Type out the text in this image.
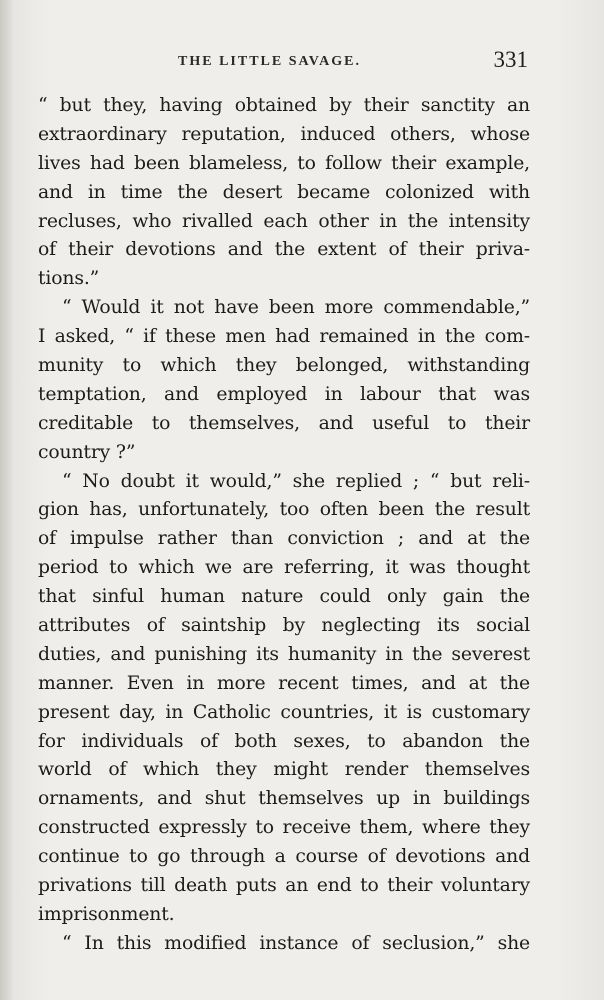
THE LITTLE SAVAGE.	331
“ but they, having obtained by their sanctity an
extraordinary reputation, induced others, whose
lives had been blameless, to follow their example,
and in time the desert became colonized with
recluses, who rivalled each other in the intensity
of their devotions and the extent of their priva-
tions.”
“ Would it not have been more commendable,”
I asked, “ if these men had remained in the com-
munity to which they belonged, withstanding
temptation, and employed in labour that was
creditable to themselves, and useful to their
country ?”
“ No doubt it would,” she replied ; “ but reli-
gion has, unfortunately, too often been the result
of impulse rather than conviction ; and at the
period to which we are referring, it was thought
that sinful human nature could only gain the
attributes of saintship by neglecting its social
duties, and punishing its humanity in the severest
manner. Even in more recent times, and at the
present day, in Catholic countries, it is customary
for individuals of both sexes, to abandon the
world of which they might render themselves
ornaments, and shut themselves up in buildings
constructed expressly to receive them, where they
continue to go through a course of devotions and
privations till death puts an end to their voluntary
imprisonment.
“ In this modified instance of seclusion,” she
